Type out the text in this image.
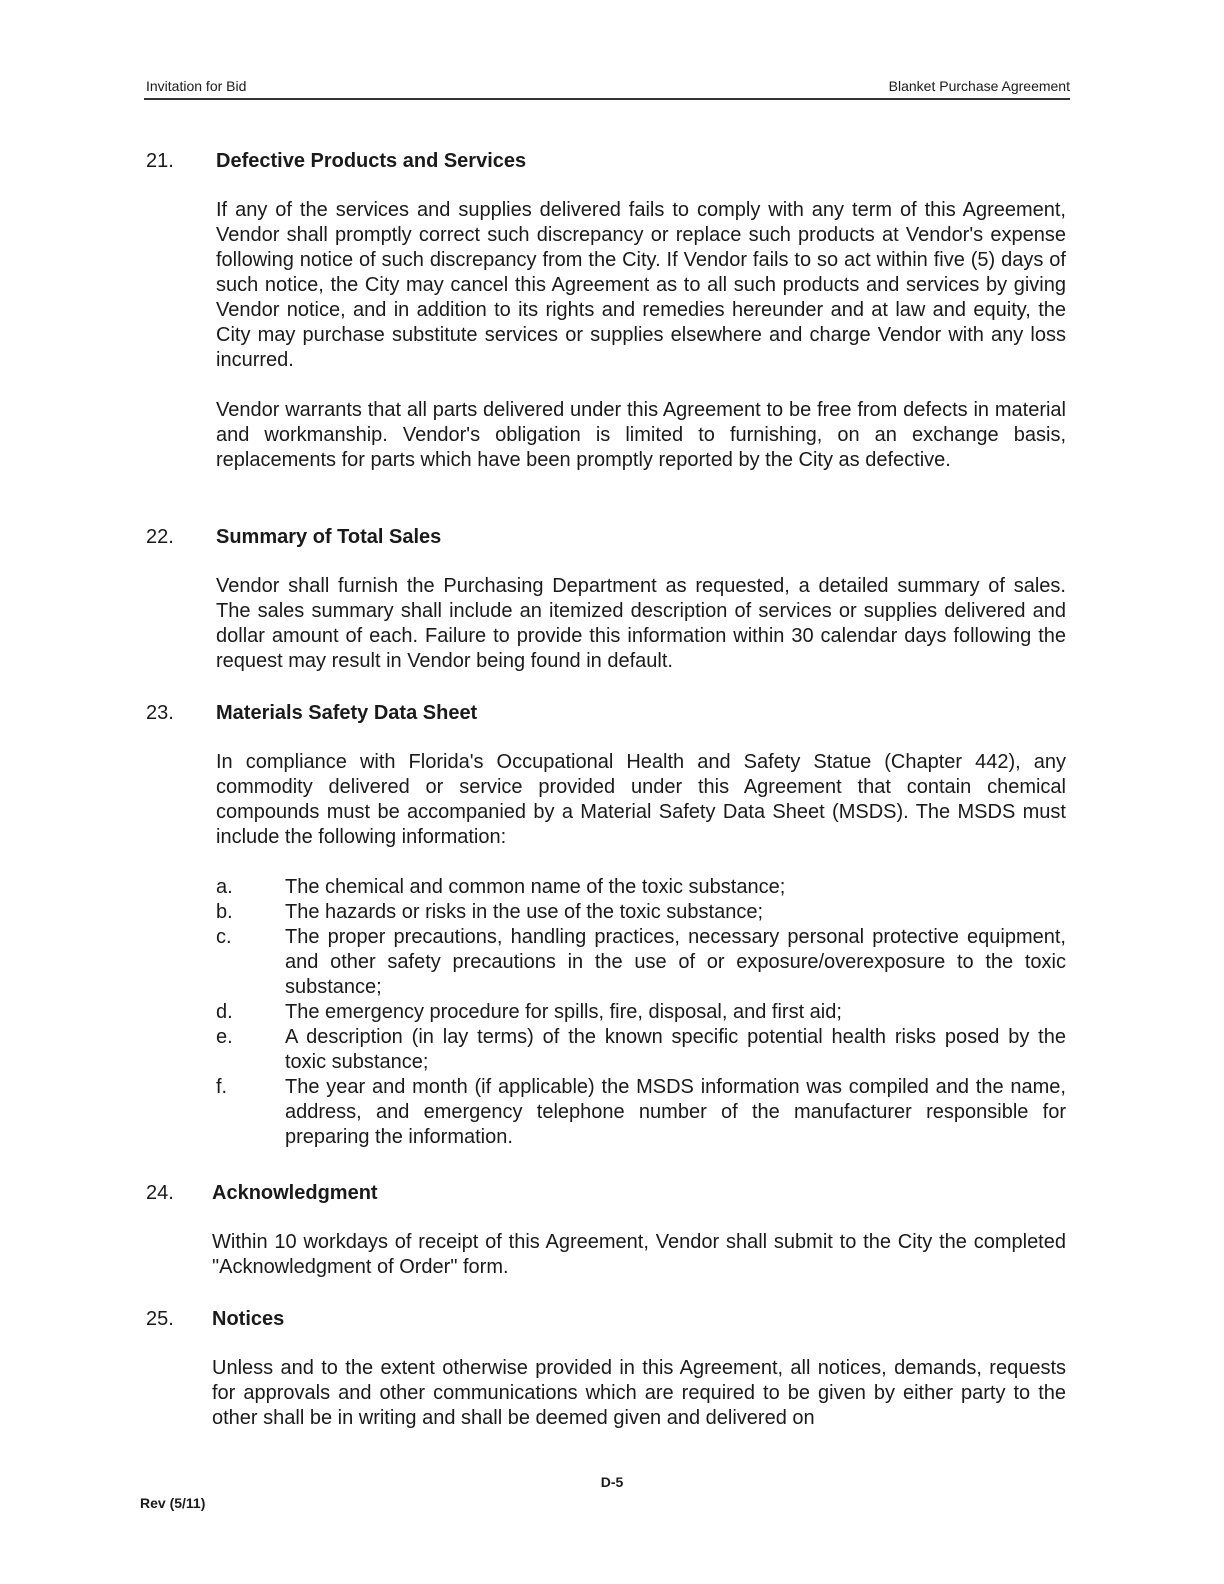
Invitation for Bid	Blanket Purchase Agreement
21. Defective Products and Services
If any of the services and supplies delivered fails to comply with any term of this Agreement, Vendor shall promptly correct such discrepancy or replace such products at Vendor's expense following notice of such discrepancy from the City. If Vendor fails to so act within five (5) days of such notice, the City may cancel this Agreement as to all such products and services by giving Vendor notice, and in addition to its rights and remedies hereunder and at law and equity, the City may purchase substitute services or supplies elsewhere and charge Vendor with any loss incurred.
Vendor warrants that all parts delivered under this Agreement to be free from defects in material and workmanship. Vendor's obligation is limited to furnishing, on an exchange basis, replacements for parts which have been promptly reported by the City as defective.
22. Summary of Total Sales
Vendor shall furnish the Purchasing Department as requested, a detailed summary of sales. The sales summary shall include an itemized description of services or supplies delivered and dollar amount of each. Failure to provide this information within 30 calendar days following the request may result in Vendor being found in default.
23. Materials Safety Data Sheet
In compliance with Florida's Occupational Health and Safety Statue (Chapter 442), any commodity delivered or service provided under this Agreement that contain chemical compounds must be accompanied by a Material Safety Data Sheet (MSDS). The MSDS must include the following information:
a.	The chemical and common name of the toxic substance;
b.	The hazards or risks in the use of the toxic substance;
c.	The proper precautions, handling practices, necessary personal protective equipment, and other safety precautions in the use of or exposure/overexposure to the toxic substance;
d.	The emergency procedure for spills, fire, disposal, and first aid;
e.	A description (in lay terms) of the known specific potential health risks posed by the toxic substance;
f.	The year and month (if applicable) the MSDS information was compiled and the name, address, and emergency telephone number of the manufacturer responsible for preparing the information.
24. Acknowledgment
Within 10 workdays of receipt of this Agreement, Vendor shall submit to the City the completed "Acknowledgment of Order" form.
25. Notices
Unless and to the extent otherwise provided in this Agreement, all notices, demands, requests for approvals and other communications which are required to be given by either party to the other shall be in writing and shall be deemed given and delivered on
D-5
Rev (5/11)
